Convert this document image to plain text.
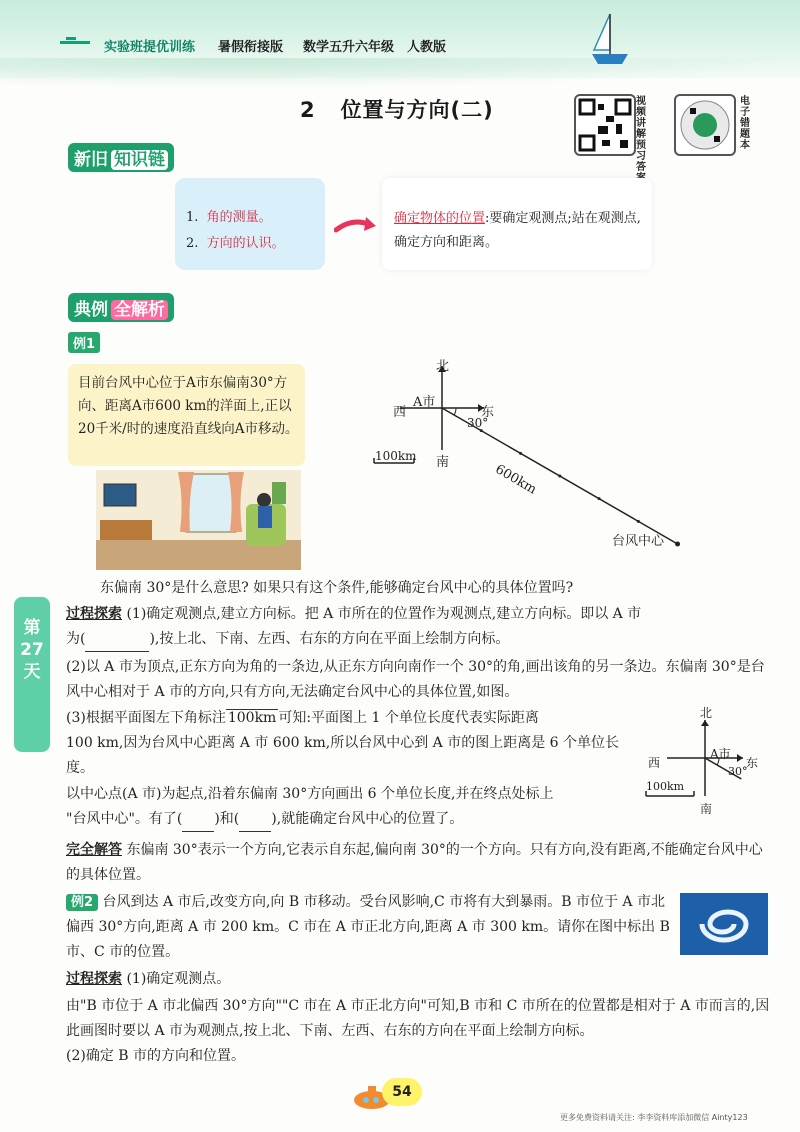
实验班提优训练 暑假衔接版 数学五升六年级 人教版
2 位置与方向(二)	视频讲解预习答
电子错题本
新旧 知识链
1. 角的测量。
2. 方向的认识。
确定物体的位置:要确定观测点;站在观测点,确定方向和距离。
典例 全解析
例1
目前台风中心位于A市东偏南30°方向、距离A市600 km的洋面上,正以20千米/时的速度沿直线向A市移动。
北
南
西	东
A市
30°
100km
600km
台风中心
东偏南 30°是什么意思? 如果只有这个条件,能够确定台风中心的具体位置吗?
第
27
天
过程探索 (1)确定观测点,建立方向标。把 A 市所在的位置作为观测点,建立方向标。即以 A 市
为(	),按上北、下南、左西、右东的方向在平面上绘制方向标。
(2)以 A 市为顶点,正东方向为角的一条边,从正东方向向南作一个 30°的角,画出该角的另一条边。东偏南 30°是台风中心相对于 A 市的方向,只有方向,无法确定台风中心的具体位置,如图。
(3)根据平面图左下角标注 100km 可知:平面图上 1 个单位长度代表实际距离
100 km,因为台风中心距离 A 市 600 km,所以台风中心到 A 市的图上距离是 6 个单位长度。
以中心点(A 市)为起点,沿着东偏南 30°方向画出 6 个单位长度,并在终点处标上
"台风中心"。有了( )和( ),就能确定台风中心的位置了。
北
南
西	东
A市
30°
100km
完全解答 东偏南 30°表示一个方向,它表示自东起,偏向南 30°的一个方向。只有方向,没有距离,不能确定台风中心的具体位置。
例2 台风到达 A 市后,改变方向,向 B 市移动。受台风影响,C 市将有大到暴雨。B 市位于 A 市北偏西 30°方向,距离 A 市 200 km。C 市在 A 市正北方向,距离 A 市 300 km。请你在图中标出 B 市、C 市的位置。
过程探索 (1)确定观测点。
由"B 市位于 A 市北偏西 30°方向""C 市在 A 市正北方向"可知,B 市和 C 市所在的位置都是相对于 A 市而言的,因此画图时要以 A 市为观测点,按上北、下南、左西、右东的方向在平面上绘制方向标。
(2)确定 B 市的方向和位置。
54
更多免费资料请关注: 李李资料库添加微信 Ainty123
